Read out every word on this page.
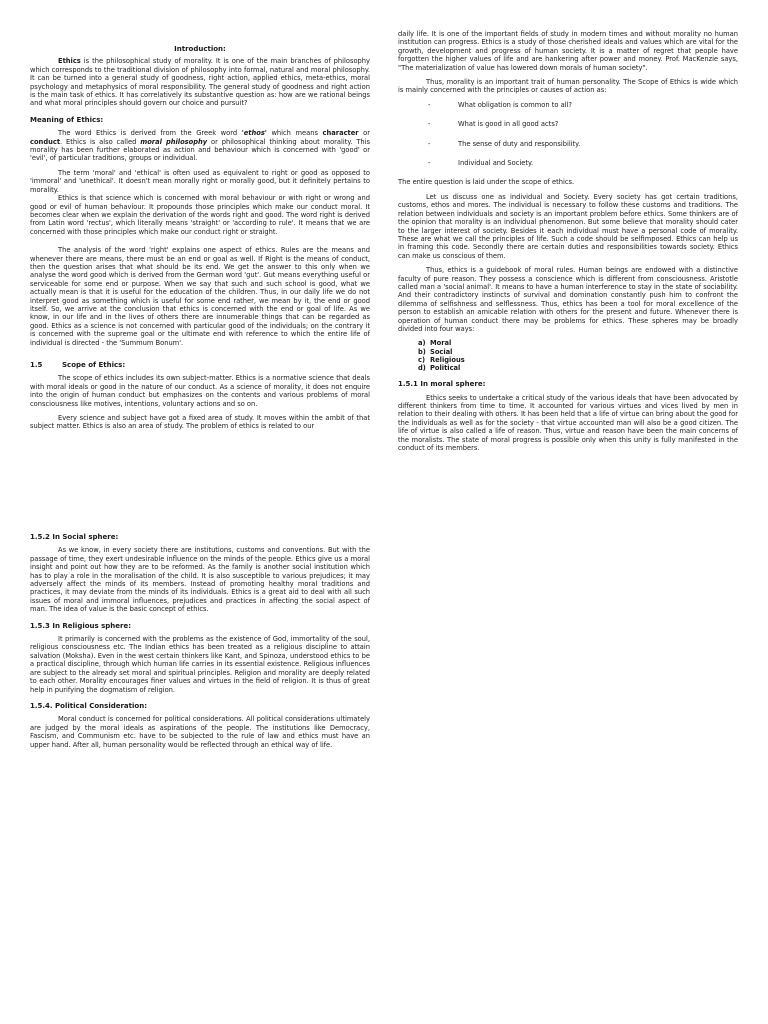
Introduction:

Ethics is the philosophical study of morality. It is one of the main branches of philosophy which corresponds to the traditional division of philosophy into formal, natural and moral philosophy. It can be turned into a general study of goodness, right action, applied ethics, meta-ethics, moral psychology and metaphysics of moral responsibility. The general study of goodness and right action is the main task of ethics. It has correlatively its substantive question as: how are we rational beings and what moral principles should govern our choice and pursuit?

Meaning of Ethics:

The word Ethics is derived from the Greek word 'ethos' which means character or conduct. Ethics is also called moral philosophy or philosophical thinking about morality. This morality has been further elaborated as action and behaviour which is concerned with 'good' or 'evil', of particular traditions, groups or individual.

The term 'moral' and 'ethical' is often used as equivalent to right or good as opposed to 'immoral' and 'unethical'. It doesn't mean morally right or morally good, but it definitely pertains to morality.

Ethics is that science which is concerned with moral behaviour or with right or wrong and good or evil of human behaviour. It propounds those principles which make our conduct moral. It becomes clear when we explain the derivation of the words right and good. The word right is derived from Latin word 'rectus', which literally means 'straight' or 'according to rule'. It means that we are concerned with those principles which make our conduct right or straight.

The analysis of the word 'right' explains one aspect of ethics. Rules are the means and whenever there are means, there must be an end or goal as well. If Right is the means of conduct, then the question arises that what should be its end. We get the answer to this only when we analyse the word good which is derived from the German word 'gut'. Gut means everything useful or serviceable for some end or purpose. When we say that such and such school is good, what we actually mean is that it is useful for the education of the children. Thus, in our daily life we do not interpret good as something which is useful for some end rather, we mean by it, the end or good itself. So, we arrive at the conclusion that ethics is concerned with the end or goal of life. As we know, in our life and in the lives of others there are innumerable things that can be regarded as good. Ethics as a science is not concerned with particular good of the individuals; on the contrary it is concerned with the supreme goal or the ultimate end with reference to which the entire life of individual is directed - the 'Summum Bonum'.

1.5	Scope of Ethics:

The scope of ethics includes its own subject-matter. Ethics is a normative science that deals with moral ideals or good in the nature of our conduct. As a science of morality, it does not enquire into the origin of human conduct but emphasizes on the contents and various problems of moral consciousness like motives, intentions, voluntary actions and so on.

Every science and subject have got a fixed area of study. It moves within the ambit of that subject matter. Ethics is also an area of study. The problem of ethics is related to our

daily life. It is one of the important fields of study in modern times and without morality no human institution can progress. Ethics is a study of those cherished ideals and values which are vital for the growth, development and progress of human society. It is a matter of regret that people have forgotten the higher values of life and are hankering after power and money. Prof. MacKenzie says, "The materialization of value has lowered down morals of human society".

Thus, morality is an important trait of human personality. The Scope of Ethics is wide which is mainly concerned with the principles or causes of action as:

- What obligation is common to all?
- What is good in all good acts?
- The sense of duty and responsibility.
- Individual and Society.

The entire question is laid under the scope of ethics.

Let us discuss one as individual and Society. Every society has got certain traditions, customs, ethos and mores. The individual is necessary to follow these customs and traditions. The relation between individuals and society is an important problem before ethics. Some thinkers are of the opinion that morality is an individual phenomenon. But some believe that morality should cater to the larger interest of society. Besides it each individual must have a personal code of morality. These are what we call the principles of life. Such a code should be selfimposed. Ethics can help us in framing this code. Secondly there are certain duties and responsibilities towards society. Ethics can make us conscious of them.

Thus, ethics is a guidebook of moral rules. Human beings are endowed with a distinctive faculty of pure reason. They possess a conscience which is different from consciousness. Aristotle called man a 'social animal'. It means to have a human interference to stay in the state of sociability. And their contradictory instincts of survival and domination constantly push him to confront the dilemma of selfishness and selflessness. Thus, ethics has been a tool for moral excellence of the person to establish an amicable relation with others for the present and future. Whenever there is operation of human conduct there may be problems for ethics. These spheres may be broadly divided into four ways:

a) Moral
b) Social
c) Religious
d) Political
1.5.1 In moral sphere:

Ethics seeks to undertake a critical study of the various ideals that have been advocated by different thinkers from time to time. It accounted for various virtues and vices lived by men in relation to their dealing with others. It has been held that a life of virtue can bring about the good for the individuals as well as for the society - that virtue accounted man will also be a good citizen. The life of virtue is also called a life of reason. Thus, virtue and reason have been the main concerns of the moralists. The state of moral progress is possible only when this unity is fully manifested in the conduct of its members.

1.5.2 In Social sphere:

As we know, in every society there are institutions, customs and conventions. But with the passage of time, they exert undesirable influence on the minds of the people. Ethics give us a moral insight and point out how they are to be reformed. As the family is another social institution which has to play a role in the moralisation of the child. It is also susceptible to various prejudices; it may adversely affect the minds of its members. Instead of promoting healthy moral traditions and practices, it may deviate from the minds of its individuals. Ethics is a great aid to deal with all such issues of moral and immoral influences, prejudices and practices in affecting the social aspect of man. The idea of value is the basic concept of ethics.

1.5.3 In Religious sphere:

It primarily is concerned with the problems as the existence of God, immortality of the soul, religious consciousness etc. The Indian ethics has been treated as a religious discipline to attain salvation (Moksha). Even in the west certain thinkers like Kant, and Spinoza, understood ethics to be a practical discipline, through which human life carries in its essential existence. Religious influences are subject to the already set moral and spiritual principles. Religion and morality are deeply related to each other. Morality encourages finer values and virtues in the field of religion. It is thus of great help in purifying the dogmatism of religion.

1.5.4. Political Consideration:

Moral conduct is concerned for political considerations. All political considerations ultimately are judged by the moral ideals as aspirations of the people. The institutions like Democracy, Fascism, and Communism etc. have to be subjected to the rule of law and ethics must have an upper hand. After all, human personality would be reflected through an ethical way of life.
